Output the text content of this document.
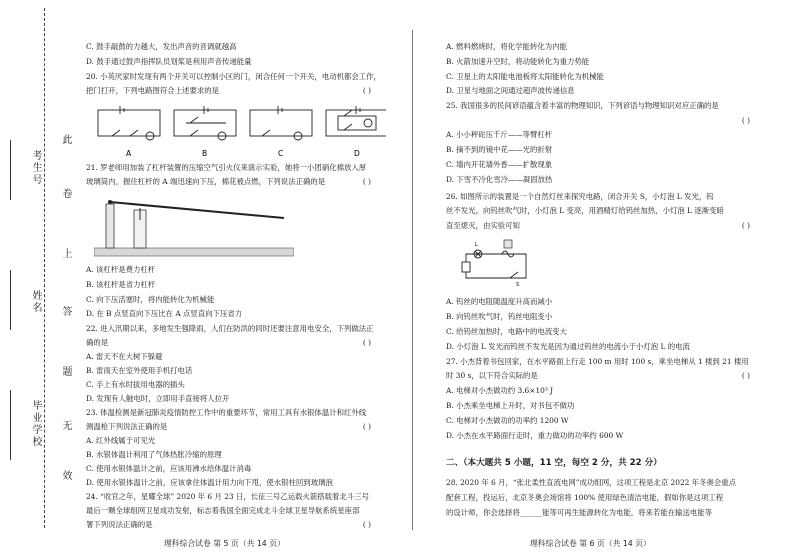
考生号
姓名
毕业学校
此
卷
上
答
题
无
效
C. 鼓手敲鼓的力越大，发出声音的音调就越高
D. 鼓手通过鼓声指挥队员划桨是利用声音传递能量
20. 小英厌家时发现有两个开关可以控制小区的门，闭合任何一个开关，电动机都会工作，
把门打开，下列电路图符合上述要求的是	( )
A	B	C	D
21. 罗老师用加装了杠杆装置的压缩空气引火仪来演示实验，她将一小团硝化棉放入厚
玻璃筒内，握住杠杆的 A 端迅速向下压，棉花被点燃，下列说法正确的是	( )
A. 该杠杆是费力杠杆
B. 该杠杆是省力杠杆
C. 向下压活塞时，将内能转化为机械能
D. 在 B 点竖直向下压比在 A 点竖直向下压省力
22. 进入汛期以来，多地发生强降雨，人们在防洪的同时还要注意用电安全，下列做法正
确的是	( )
A. 雷天不在大树下躲避
B. 雷雨天在室外使用手机打电话
C. 手上有水时拔用电器的插头
D. 发现有人触电时，立即用手直接将人拉开
23. 体温检测是新冠肺炎疫情防控工作中的重要环节，常用工具有水银体温计和红外线
测温枪下列说法正确的是	( )
A. 红外线属于可见光
B. 水银体温计利用了气体热胀冷缩的原理
C. 使用水银体温计之前，应该用沸水给体温计消毒
D. 使用水银体温计之前，应该拿住体温计用力向下甩，使水银柱回到玻璃泡
24. “收官之年，星耀全球” 2020 年 6 月 23 日，长征三号乙运载火箭搭载着北斗三号
最后一颗全球组网卫星成功发射，标志着我国全面完成北斗全球卫星导航系统星座部
署下列说法正确的是	( )
理科综合试卷 第 5 页（共 14 页）
A. 燃料燃烧时，将化学能转化为内能
B. 火箭加速升空时，将动能转化为重力势能
C. 卫星上的太阳能电池板将太阳能转化为机械能
D. 卫星与地面之间通过超声波传递信息
25. 我国很多的民间谚语蕴含着丰富的物理知识，下列谚语与物理知识对应正确的是
( )
A. 小小秤砣压千斤——等臂杠杆
B. 摘不到的镜中花——光的折射
C. 墙内开花墙外香——扩散现象
D. 下雪不冷化雪冷——凝固放热
26. 如图所示的装置是一个自然灯丝来探究电路，闭合开关 S，小灯泡 L 发光，钨
丝不发光，向钨丝吹气时，小灯泡 L 变亮，用酒精灯给钨丝加热，小灯泡 L 逐渐变暗
直至熄灭，由实验可知	( )
L
S
A. 钨丝的电阻随温度升高而减小
B. 向钨丝吹气时，钨丝电阻变小
C. 给钨丝加热时，电路中的电流变大
D. 小灯泡 L 发光而钨丝不发光是因为通过钨丝的电流小于小灯泡 L 的电流
27. 小杰背着书包回家，在水平路面上行走 100 m 用时 100 s，乘坐电梯从 1 楼到 21 楼用
时 30 s，以下符合实际的是	( )
A. 电梯对小杰做功约 3.6×10³ J
B. 小杰乘坐电梯上升时，对书包不做功
C. 电梯对小杰做功的功率约 1200 W
D. 小杰在水平路面行走时，重力做功的功率约 600 W
二、（本大题共 5 小题，11 空，每空 2 分，共 22 分）
28. 2020 年 6 月，“张北柔性直流电网”成功组网，这项工程是北京 2022 年冬奥会重点
配套工程，投运后，北京冬奥会场馆将 100% 使用绿色清洁电能，假如你是这项工程
的设计师，你会选择将______能等可再生能源转化为电能，将来若能在输送电能等
理科综合试卷 第 6 页（共 14 页）
